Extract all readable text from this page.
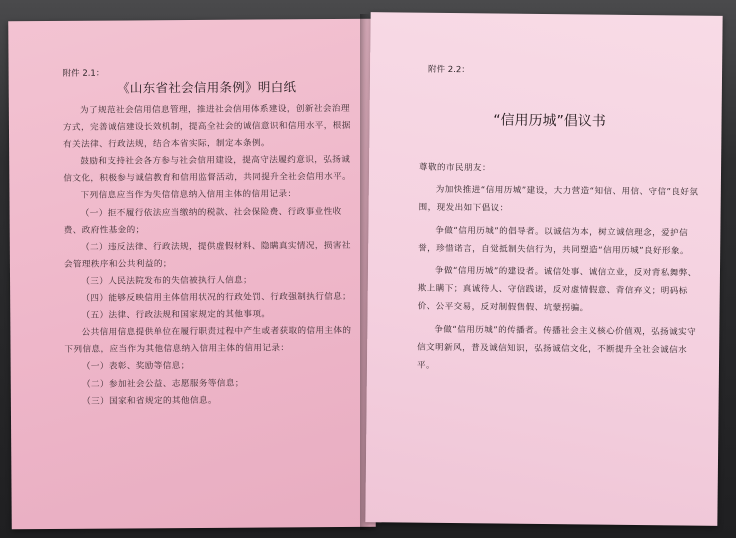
附件 2.1：
《山东省社会信用条例》明白纸

为了规范社会信用信息管理，推进社会信用体系建设，创新社会治理方式，完善诚信建设长效机制，提高全社会的诚信意识和信用水平，根据有关法律、行政法规，结合本省实际，制定本条例。

鼓励和支持社会各方参与社会信用建设，提高守法履约意识，弘扬诚信文化，积极参与诚信教育和信用监督活动，共同提升全社会信用水平。

下列信息应当作为失信信息纳入信用主体的信用记录：

（一）拒不履行依法应当缴纳的税款、社会保险费、行政事业性收费、政府性基金的；

（二）违反法律、行政法规，提供虚假材料、隐瞒真实情况，损害社会管理秩序和公共利益的；

（三）人民法院发布的失信被执行人信息；

（四）能够反映信用主体信用状况的行政处罚、行政强制执行信息；

（五）法律、行政法规和国家规定的其他事项。

公共信用信息提供单位在履行职责过程中产生或者获取的信用主体的下列信息，应当作为其他信息纳入信用主体的信用记录：

（一）表彰、奖励等信息；

（二）参加社会公益、志愿服务等信息；

（三）国家和省规定的其他信息。

附件 2.2：
“信用历城”倡议书

尊敬的市民朋友：

为加快推进“信用历城”建设，大力营造“知信、用信、守信”良好氛围，现发出如下倡议：

争做“信用历城”的倡导者。以诚信为本，树立诚信理念，爱护信誉，珍惜诺言，自觉抵制失信行为，共同塑造“信用历城”良好形象。

争做“信用历城”的建设者。诚信处事、诚信立业，反对背私舞弊、欺上瞒下；真诚待人、守信践诺，反对虚情假意、背信弃义；明码标价、公平交易，反对制假售假、坑蒙拐骗。

争做“信用历城”的传播者。传播社会主义核心价值观，弘扬诚实守信文明新风，普及诚信知识，弘扬诚信文化，不断提升全社会诚信水平。
